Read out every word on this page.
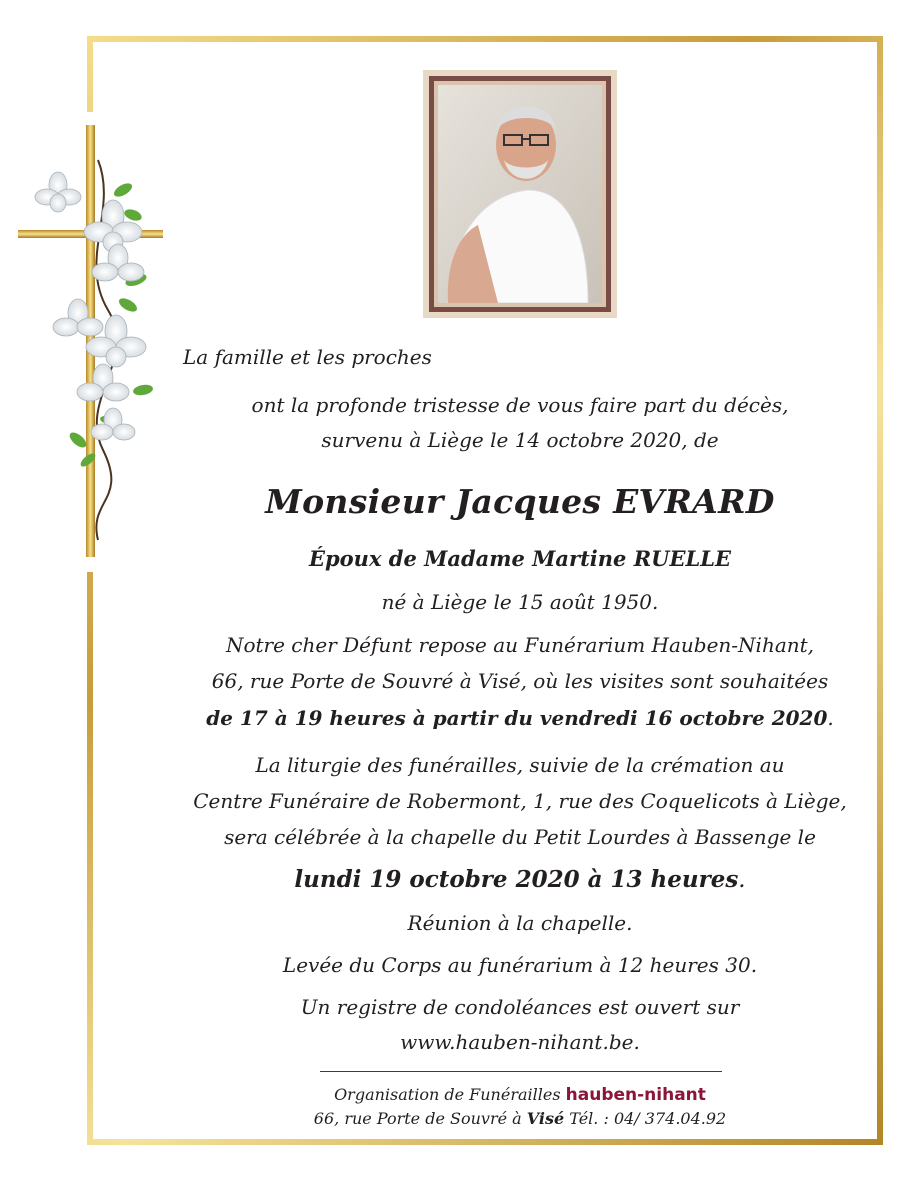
La famille et les proches
ont la profonde tristesse de vous faire part du décès,
survenu à Liège le 14 octobre 2020, de
Monsieur Jacques EVRARD
Époux de Madame Martine RUELLE
né à Liège le 15 août 1950.
Notre cher Défunt repose au Funérarium Hauben-Nihant,
66, rue Porte de Souvré à Visé, où les visites sont souhaitées
de 17 à 19 heures à partir du vendredi 16 octobre 2020.
La liturgie des funérailles, suivie de la crémation au
Centre Funéraire de Robermont, 1, rue des Coquelicots à Liège,
sera célébrée à la chapelle du Petit Lourdes à Bassenge le
lundi 19 octobre 2020 à 13 heures.
Réunion à la chapelle.
Levée du Corps au funérarium à 12 heures 30.
Un registre de condoléances est ouvert sur
www.hauben-nihant.be.
Organisation de Funérailles hauben-nihant
66, rue Porte de Souvré à Visé Tél. : 04/ 374.04.92
